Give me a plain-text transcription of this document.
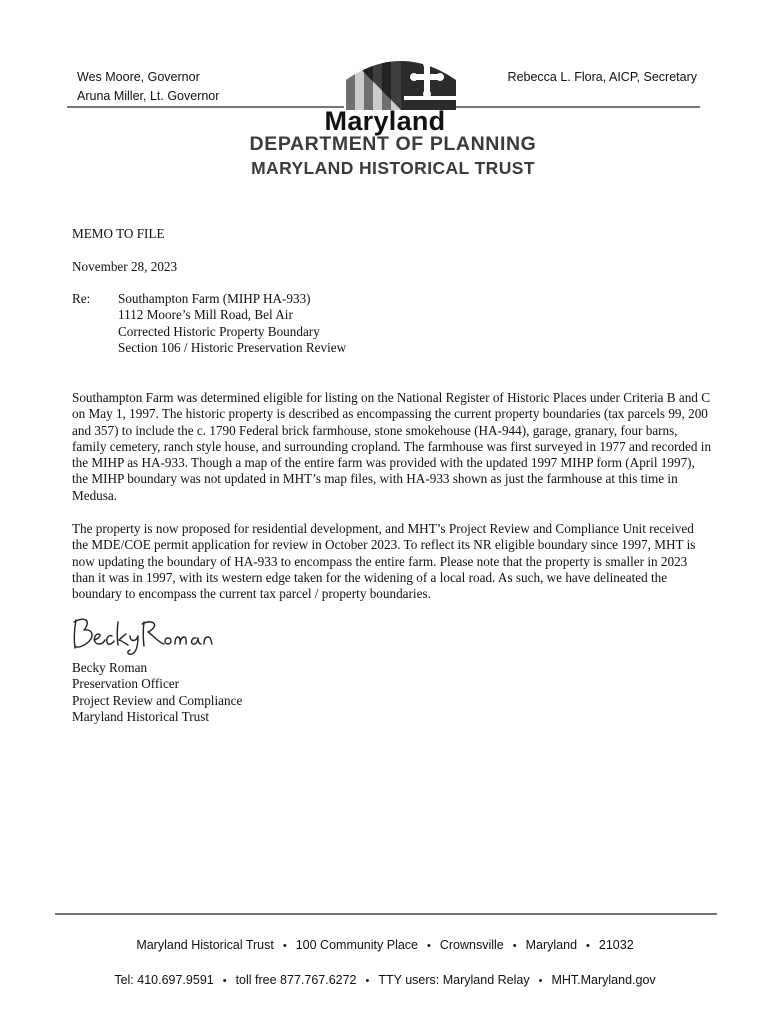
Wes Moore, Governor
Aruna Miller, Lt. Governor
Rebecca L. Flora, AICP, Secretary
Maryland
DEPARTMENT OF PLANNING
MARYLAND HISTORICAL TRUST
MEMO TO FILE
November 28, 2023
Re: Southampton Farm (MIHP HA-933)
1112 Moore’s Mill Road, Bel Air
Corrected Historic Property Boundary
Section 106 / Historic Preservation Review
Southampton Farm was determined eligible for listing on the National Register of Historic Places under Criteria B and C on May 1, 1997. The historic property is described as encompassing the current property boundaries (tax parcels 99, 200 and 357) to include the c. 1790 Federal brick farmhouse, stone smokehouse (HA-944), garage, granary, four barns, family cemetery, ranch style house, and surrounding cropland. The farmhouse was first surveyed in 1977 and recorded in the MIHP as HA-933. Though a map of the entire farm was provided with the updated 1997 MIHP form (April 1997), the MIHP boundary was not updated in MHT’s map files, with HA-933 shown as just the farmhouse at this time in Medusa.
The property is now proposed for residential development, and MHT’s Project Review and Compliance Unit received the MDE/COE permit application for review in October 2023. To reflect its NR eligible boundary since 1997, MHT is now updating the boundary of HA-933 to encompass the entire farm. Please note that the property is smaller in 2023 than it was in 1997, with its western edge taken for the widening of a local road. As such, we have delineated the boundary to encompass the current tax parcel / property boundaries.
Becky Roman
Preservation Officer
Project Review and Compliance
Maryland Historical Trust
Maryland Historical Trust • 100 Community Place • Crownsville • Maryland • 21032
Tel: 410.697.9591 • toll free 877.767.6272 • TTY users: Maryland Relay • MHT.Maryland.gov
